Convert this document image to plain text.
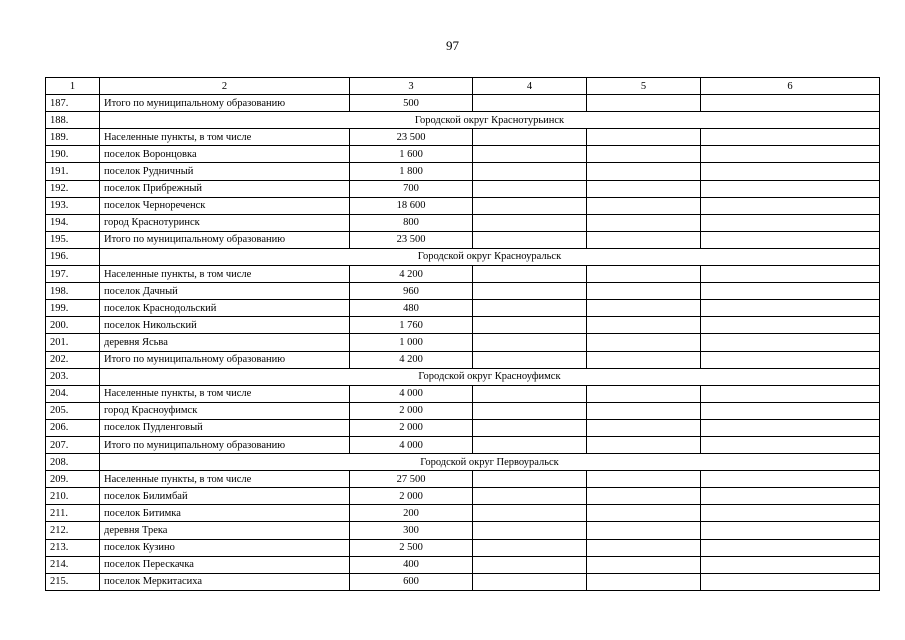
97
1	2	3	4	5	6
187.	Итого по муниципальному образованию	500			
188.	Городской округ Краснотурьинск				
189.	Населенные пункты, в том числе	23 500			
190.	поселок Воронцовка	1 600			
191.	поселок Рудничный	1 800			
192.	поселок Прибрежный	700			
193.	поселок Чернореченск	18 600			
194.	город Краснотуринск	800			
195.	Итого по муниципальному образованию	23 500			
196.	Городской округ Красноуральск				
197.	Населенные пункты, в том числе	4 200			
198.	поселок Дачный	960			
199.	поселок Краснодольский	480			
200.	поселок Никольский	1 760			
201.	деревня Ясьва	1 000			
202.	Итого по муниципальному образованию	4 200			
203.	Городской округ Красноуфимск				
204.	Населенные пункты, в том числе	4 000			
205.	город Красноуфимск	2 000			
206.	поселок Пудленговый	2 000			
207.	Итого по муниципальному образованию	4 000			
208.	Городской округ Первоуральск				
209.	Населенные пункты, в том числе	27 500			
210.	поселок Билимбай	2 000			
211.	поселок Битимка	200			
212.	деревня Трека	300			
213.	поселок Кузино	2 500			
214.	поселок Перескачка	400			
215.	поселок Меркитасиха	600			
